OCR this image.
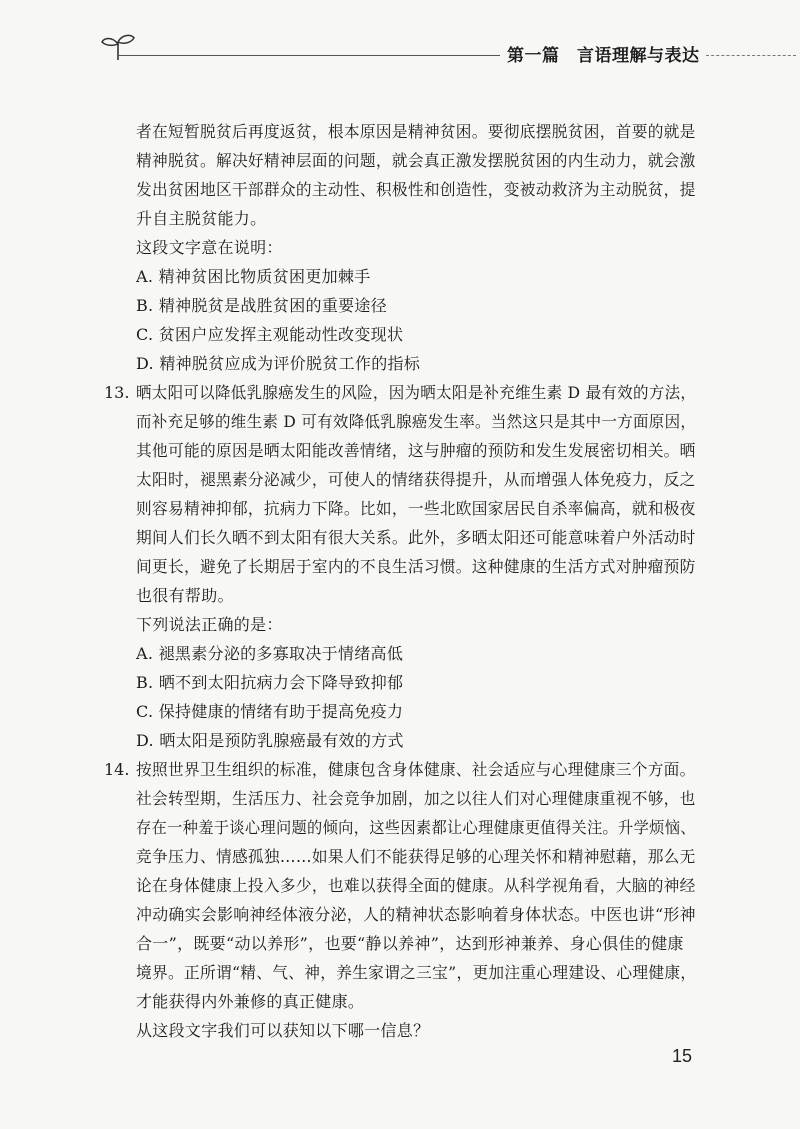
第一篇　言语理解与表达
者在短暂脱贫后再度返贫，根本原因是精神贫困。要彻底摆脱贫困，首要的就是
精神脱贫。解决好精神层面的问题，就会真正激发摆脱贫困的内生动力，就会激
发出贫困地区干部群众的主动性、积极性和创造性，变被动救济为主动脱贫，提
升自主脱贫能力。
这段文字意在说明：
A. 精神贫困比物质贫困更加棘手
B. 精神脱贫是战胜贫困的重要途径
C. 贫困户应发挥主观能动性改变现状
D. 精神脱贫应成为评价脱贫工作的指标
13. 晒太阳可以降低乳腺癌发生的风险，因为晒太阳是补充维生素 D 最有效的方法，
而补充足够的维生素 D 可有效降低乳腺癌发生率。当然这只是其中一方面原因，
其他可能的原因是晒太阳能改善情绪，这与肿瘤的预防和发生发展密切相关。晒
太阳时，褪黑素分泌减少，可使人的情绪获得提升，从而增强人体免疫力，反之
则容易精神抑郁，抗病力下降。比如，一些北欧国家居民自杀率偏高，就和极夜
期间人们长久晒不到太阳有很大关系。此外，多晒太阳还可能意味着户外活动时
间更长，避免了长期居于室内的不良生活习惯。这种健康的生活方式对肿瘤预防
也很有帮助。
下列说法正确的是：
A. 褪黑素分泌的多寡取决于情绪高低
B. 晒不到太阳抗病力会下降导致抑郁
C. 保持健康的情绪有助于提高免疫力
D. 晒太阳是预防乳腺癌最有效的方式
14. 按照世界卫生组织的标准，健康包含身体健康、社会适应与心理健康三个方面。
社会转型期，生活压力、社会竞争加剧，加之以往人们对心理健康重视不够，也
存在一种羞于谈心理问题的倾向，这些因素都让心理健康更值得关注。升学烦恼、
竞争压力、情感孤独……如果人们不能获得足够的心理关怀和精神慰藉，那么无
论在身体健康上投入多少，也难以获得全面的健康。从科学视角看，大脑的神经
冲动确实会影响神经体液分泌，人的精神状态影响着身体状态。中医也讲“形神
合一”，既要“动以养形”，也要“静以养神”，达到形神兼养、身心俱佳的健康
境界。正所谓“精、气、神，养生家谓之三宝”，更加注重心理建设、心理健康，
才能获得内外兼修的真正健康。
从这段文字我们可以获知以下哪一信息？
15
